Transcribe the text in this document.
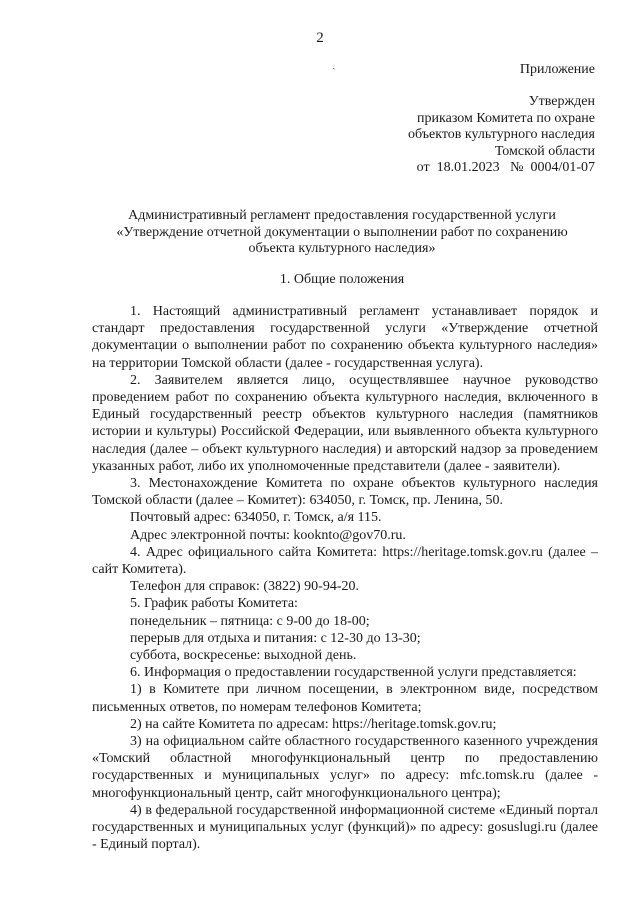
2
ˎ	Приложение
Утвержден
приказом Комитета по охране
объектов культурного наследия
Томской области
от 18.01.2023 № 0004/01-07
Административный регламент предоставления государственной услуги
«Утверждение отчетной документации о выполнении работ по сохранению
объекта культурного наследия»
1. Общие положения

1. Настоящий административный регламент устанавливает порядок и стандарт предоставления государственной услуги «Утверждение отчетной документации о выполнении работ по сохранению объекта культурного наследия» на территории Томской области (далее - государственная услуга).

2. Заявителем является лицо, осуществлявшее научное руководство проведением работ по сохранению объекта культурного наследия, включенного в Единый государственный реестр объектов культурного наследия (памятников истории и культуры) Российской Федерации, или выявленного объекта культурного наследия (далее – объект культурного наследия) и авторский надзор за проведением указанных работ, либо их уполномоченные представители (далее - заявители).

3. Местонахождение Комитета по охране объектов культурного наследия Томской области (далее – Комитет): 634050, г. Томск, пр. Ленина, 50.

Почтовый адрес: 634050, г. Томск, а/я 115.

Адрес электронной почты: kooknto@gov70.ru.

4. Адрес официального сайта Комитета: https://heritage.tomsk.gov.ru (далее – сайт Комитета).

Телефон для справок: (3822) 90-94-20.

5. График работы Комитета:

понедельник – пятница: с 9-00 до 18-00;

перерыв для отдыха и питания: с 12-30 до 13-30;

суббота, воскресенье: выходной день.

6. Информация о предоставлении государственной услуги представляется:

1) в Комитете при личном посещении, в электронном виде, посредством письменных ответов, по номерам телефонов Комитета;

2) на сайте Комитета по адресам: https://heritage.tomsk.gov.ru;

3) на официальном сайте областного государственного казенного учреждения «Томский областной многофункциональный центр по предоставлению государственных и муниципальных услуг» по адресу: mfc.tomsk.ru (далее - многофункциональный центр, сайт многофункционального центра);

4) в федеральной государственной информационной системе «Единый портал государственных и муниципальных услуг (функций)» по адресу: gosuslugi.ru (далее - Единый портал).
